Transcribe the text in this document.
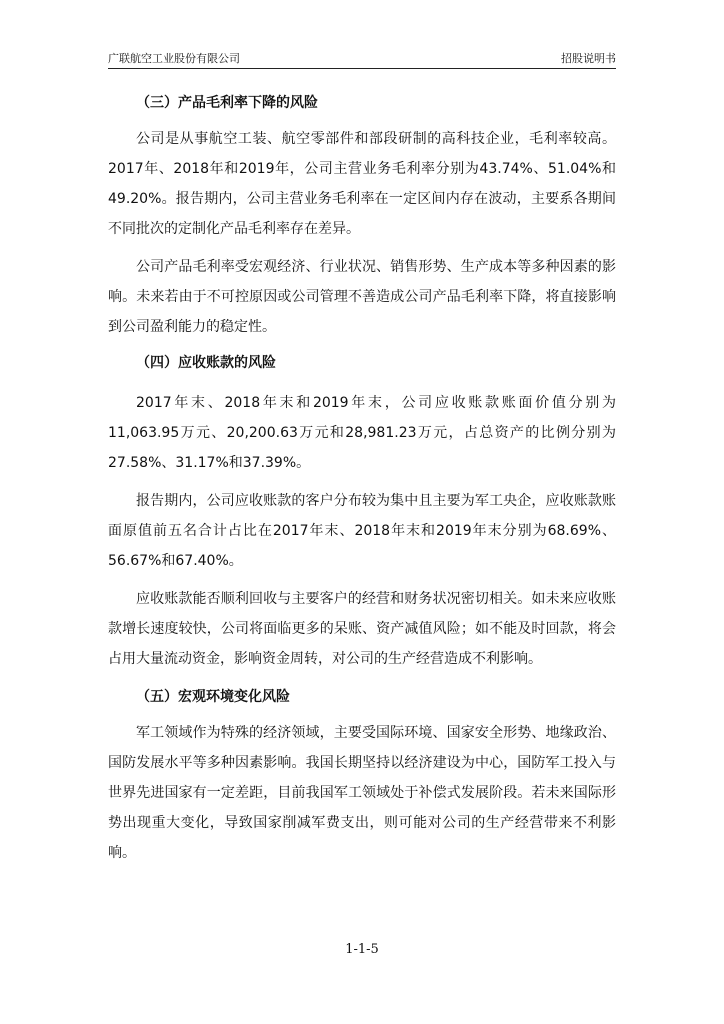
广联航空工业股份有限公司	招股说明书

（三）产品毛利率下降的风险

公司是从事航空工装、航空零部件和部段研制的高科技企业，毛利率较高。2017年、2018年和2019年，公司主营业务毛利率分别为43.74%、51.04%和49.20%。报告期内，公司主营业务毛利率在一定区间内存在波动，主要系各期间不同批次的定制化产品毛利率存在差异。

公司产品毛利率受宏观经济、行业状况、销售形势、生产成本等多种因素的影响。未来若由于不可控原因或公司管理不善造成公司产品毛利率下降，将直接影响到公司盈利能力的稳定性。

（四）应收账款的风险

2017年末、2018年末和2019年末，公司应收账款账面价值分别为11,063.95万元、20,200.63万元和28,981.23万元，占总资产的比例分别为27.58%、31.17%和37.39%。

报告期内，公司应收账款的客户分布较为集中且主要为军工央企，应收账款账面原值前五名合计占比在2017年末、2018年末和2019年末分别为68.69%、56.67%和67.40%。

应收账款能否顺利回收与主要客户的经营和财务状况密切相关。如未来应收账款增长速度较快，公司将面临更多的呆账、资产减值风险；如不能及时回款，将会占用大量流动资金，影响资金周转，对公司的生产经营造成不利影响。

（五）宏观环境变化风险

军工领域作为特殊的经济领域，主要受国际环境、国家安全形势、地缘政治、国防发展水平等多种因素影响。我国长期坚持以经济建设为中心，国防军工投入与世界先进国家有一定差距，目前我国军工领域处于补偿式发展阶段。若未来国际形势出现重大变化，导致国家削减军费支出，则可能对公司的生产经营带来不利影响。

1-1-5
